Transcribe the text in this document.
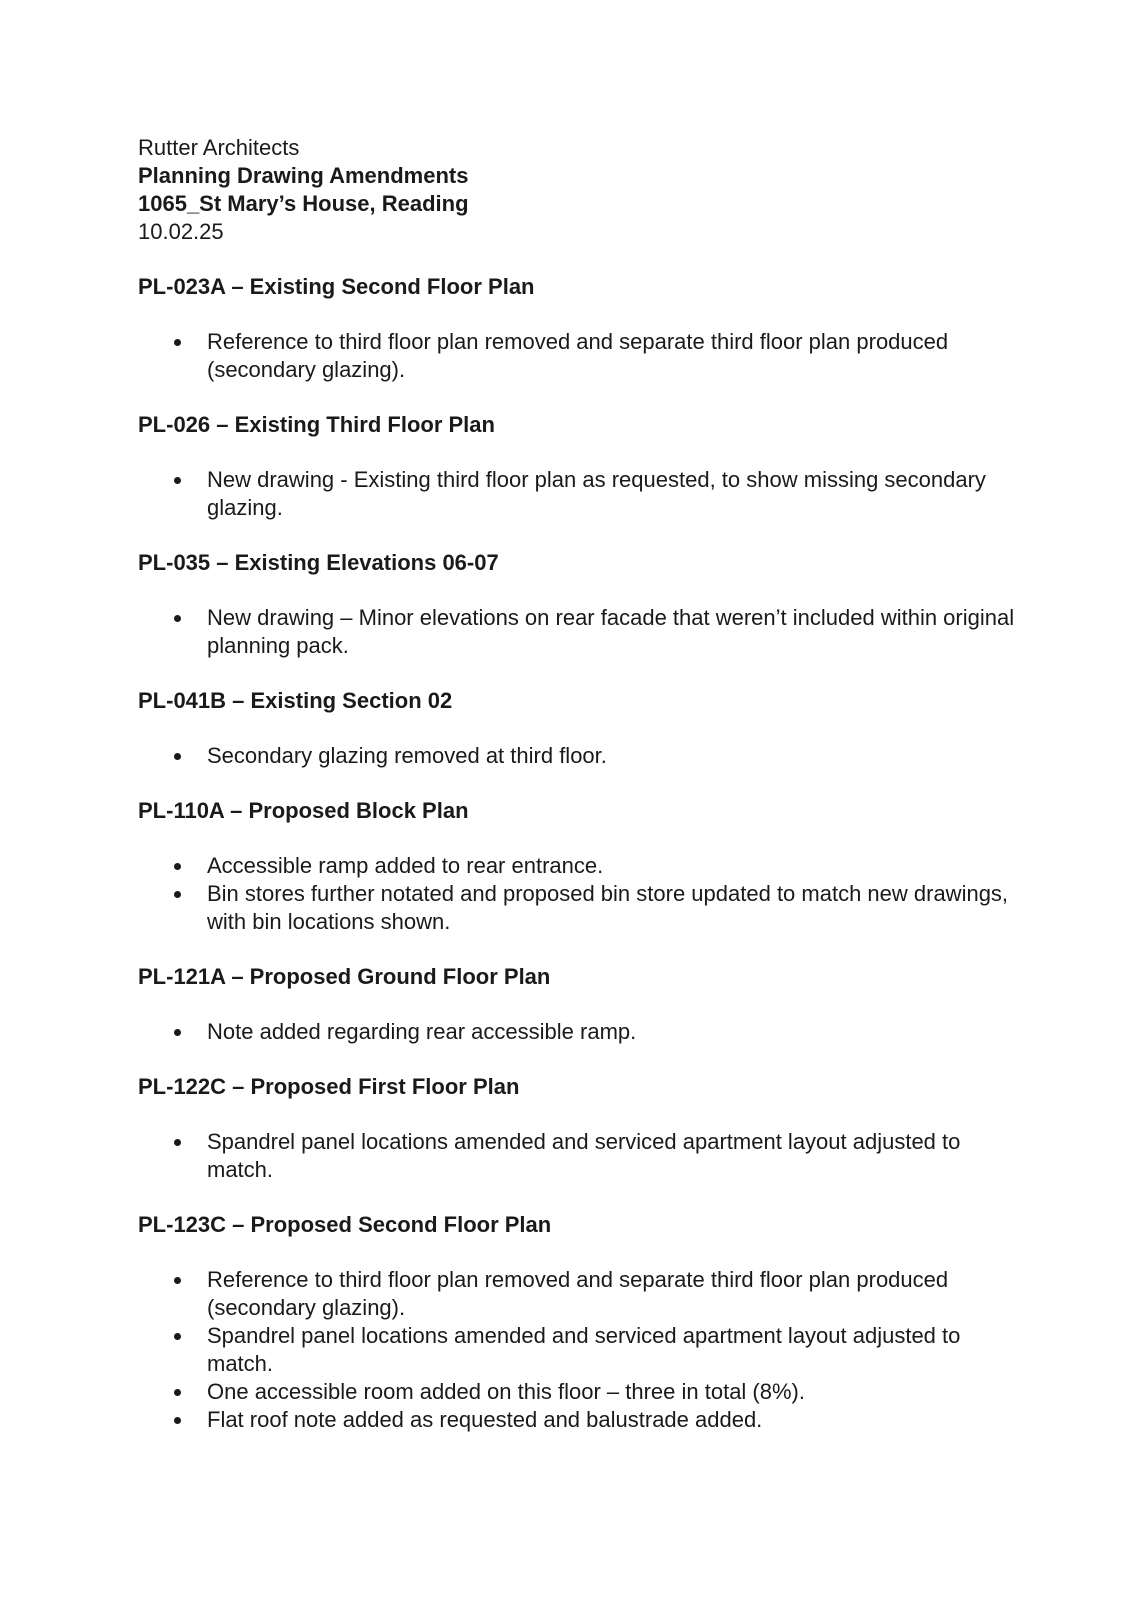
Rutter Architects

Planning Drawing Amendments

1065_St Mary’s House, Reading

10.02.25

PL-023A – Existing Second Floor Plan

Reference to third floor plan removed and separate third floor plan produced (secondary glazing).

PL-026 – Existing Third Floor Plan

New drawing - Existing third floor plan as requested, to show missing secondary glazing.

PL-035 – Existing Elevations 06-07

New drawing – Minor elevations on rear facade that weren’t included within original planning pack.

PL-041B – Existing Section 02

Secondary glazing removed at third floor.

PL-110A – Proposed Block Plan

Accessible ramp added to rear entrance.
Bin stores further notated and proposed bin store updated to match new drawings, with bin locations shown.

PL-121A – Proposed Ground Floor Plan

Note added regarding rear accessible ramp.

PL-122C – Proposed First Floor Plan

Spandrel panel locations amended and serviced apartment layout adjusted to match.

PL-123C – Proposed Second Floor Plan

Reference to third floor plan removed and separate third floor plan produced (secondary glazing).
Spandrel panel locations amended and serviced apartment layout adjusted to match.
One accessible room added on this floor – three in total (8%).
Flat roof note added as requested and balustrade added.
